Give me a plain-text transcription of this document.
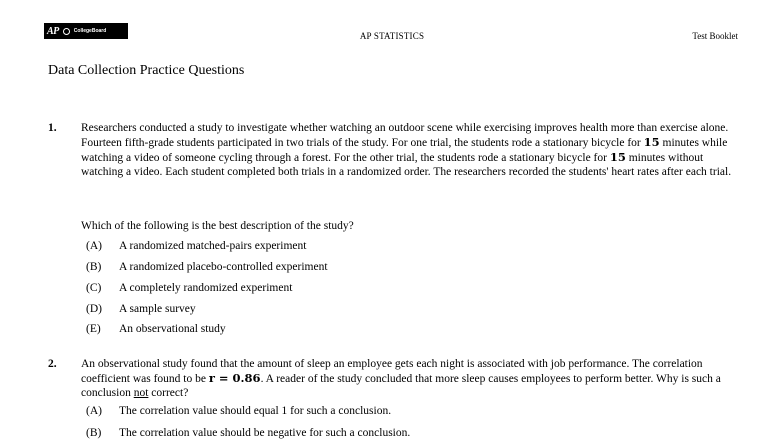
AP	CollegeBoard	AP STATISTICS	Test Booklet
Data Collection Practice Questions
1. Researchers conducted a study to investigate whether watching an outdoor scene while exercising improves health more than exercise alone. Fourteen fifth-grade students participated in two trials of the study. For one trial, the students rode a stationary bicycle for 15 minutes while watching a video of someone cycling through a forest. For the other trial, the students rode a stationary bicycle for 15 minutes without watching a video. Each student completed both trials in a randomized order. The researchers recorded the students' heart rates after each trial.
Which of the following is the best description of the study?
(A)	A randomized matched-pairs experiment
(B)	A randomized placebo-controlled experiment
(C)	A completely randomized experiment
(D)	A sample survey
(E)	An observational study
2. An observational study found that the amount of sleep an employee gets each night is associated with job performance. The correlation coefficient was found to be r = 0.86. A reader of the study concluded that more sleep causes employees to perform better. Why is such a conclusion not correct?
(A)	The correlation value should equal 1 for such a conclusion.
(B)	The correlation value should be negative for such a conclusion.
